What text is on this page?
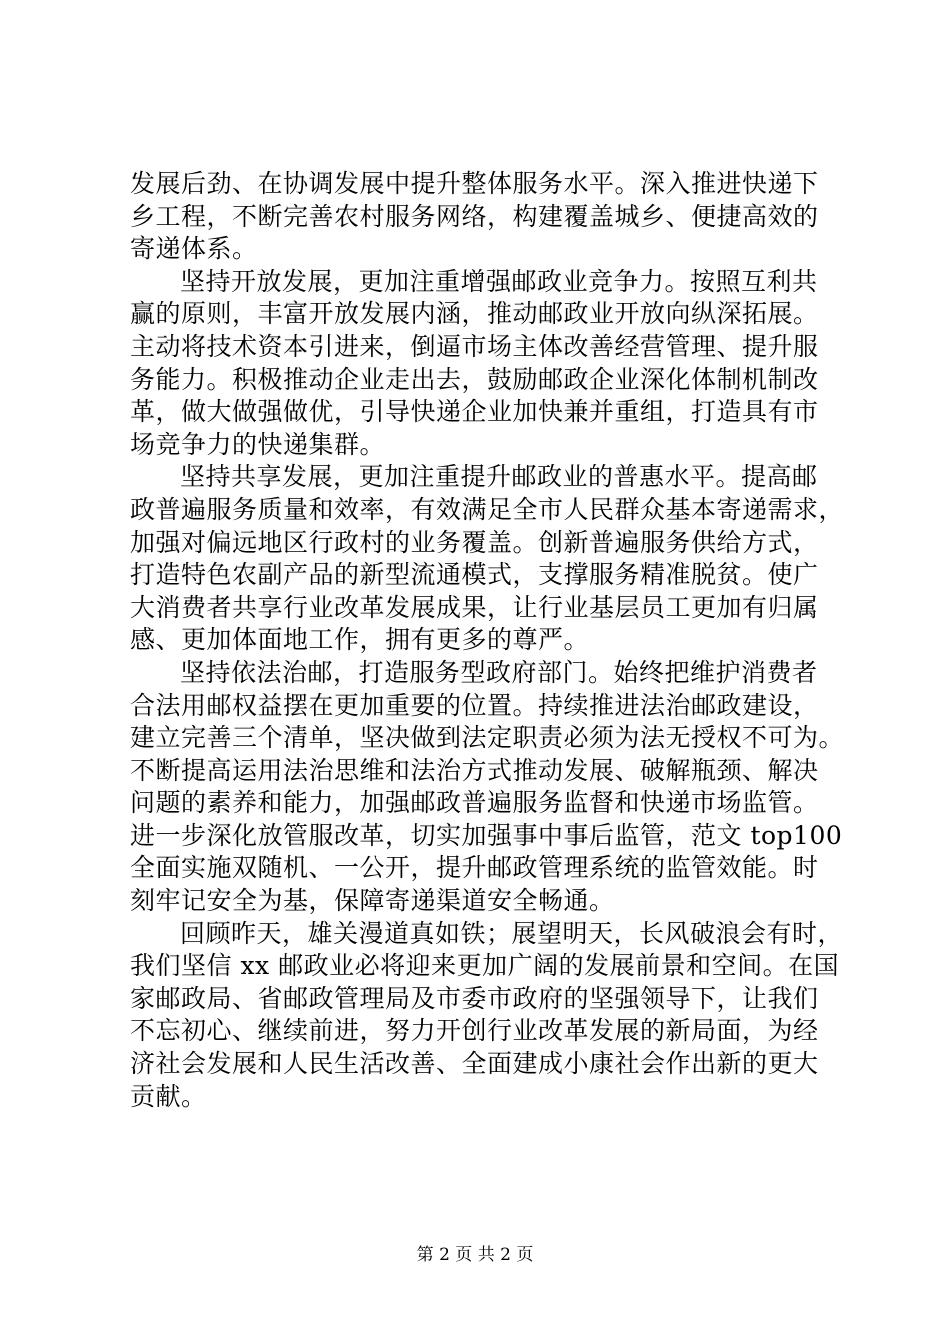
发展后劲、在协调发展中提升整体服务水平。深入推进快递下
乡工程，不断完善农村服务网络，构建覆盖城乡、便捷高效的
寄递体系。
坚持开放发展，更加注重增强邮政业竞争力。按照互利共
赢的原则，丰富开放发展内涵，推动邮政业开放向纵深拓展。
主动将技术资本引进来，倒逼市场主体改善经营管理、提升服
务能力。积极推动企业走出去，鼓励邮政企业深化体制机制改
革，做大做强做优，引导快递企业加快兼并重组，打造具有市
场竞争力的快递集群。
坚持共享发展，更加注重提升邮政业的普惠水平。提高邮
政普遍服务质量和效率，有效满足全市人民群众基本寄递需求，
加强对偏远地区行政村的业务覆盖。创新普遍服务供给方式，
打造特色农副产品的新型流通模式，支撑服务精准脱贫。使广
大消费者共享行业改革发展成果，让行业基层员工更加有归属
感、更加体面地工作，拥有更多的尊严。
坚持依法治邮，打造服务型政府部门。始终把维护消费者
合法用邮权益摆在更加重要的位置。持续推进法治邮政建设，
建立完善三个清单，坚决做到法定职责必须为法无授权不可为。
不断提高运用法治思维和法治方式推动发展、破解瓶颈、解决
问题的素养和能力，加强邮政普遍服务监督和快递市场监管。
进一步深化放管服改革，切实加强事中事后监管，范文 top100
全面实施双随机、一公开，提升邮政管理系统的监管效能。时
刻牢记安全为基，保障寄递渠道安全畅通。
回顾昨天，雄关漫道真如铁；展望明天，长风破浪会有时，
我们坚信 xx 邮政业必将迎来更加广阔的发展前景和空间。在国
家邮政局、省邮政管理局及市委市政府的坚强领导下，让我们
不忘初心、继续前进，努力开创行业改革发展的新局面，为经
济社会发展和人民生活改善、全面建成小康社会作出新的更大
贡献。
第 2 页 共 2 页
